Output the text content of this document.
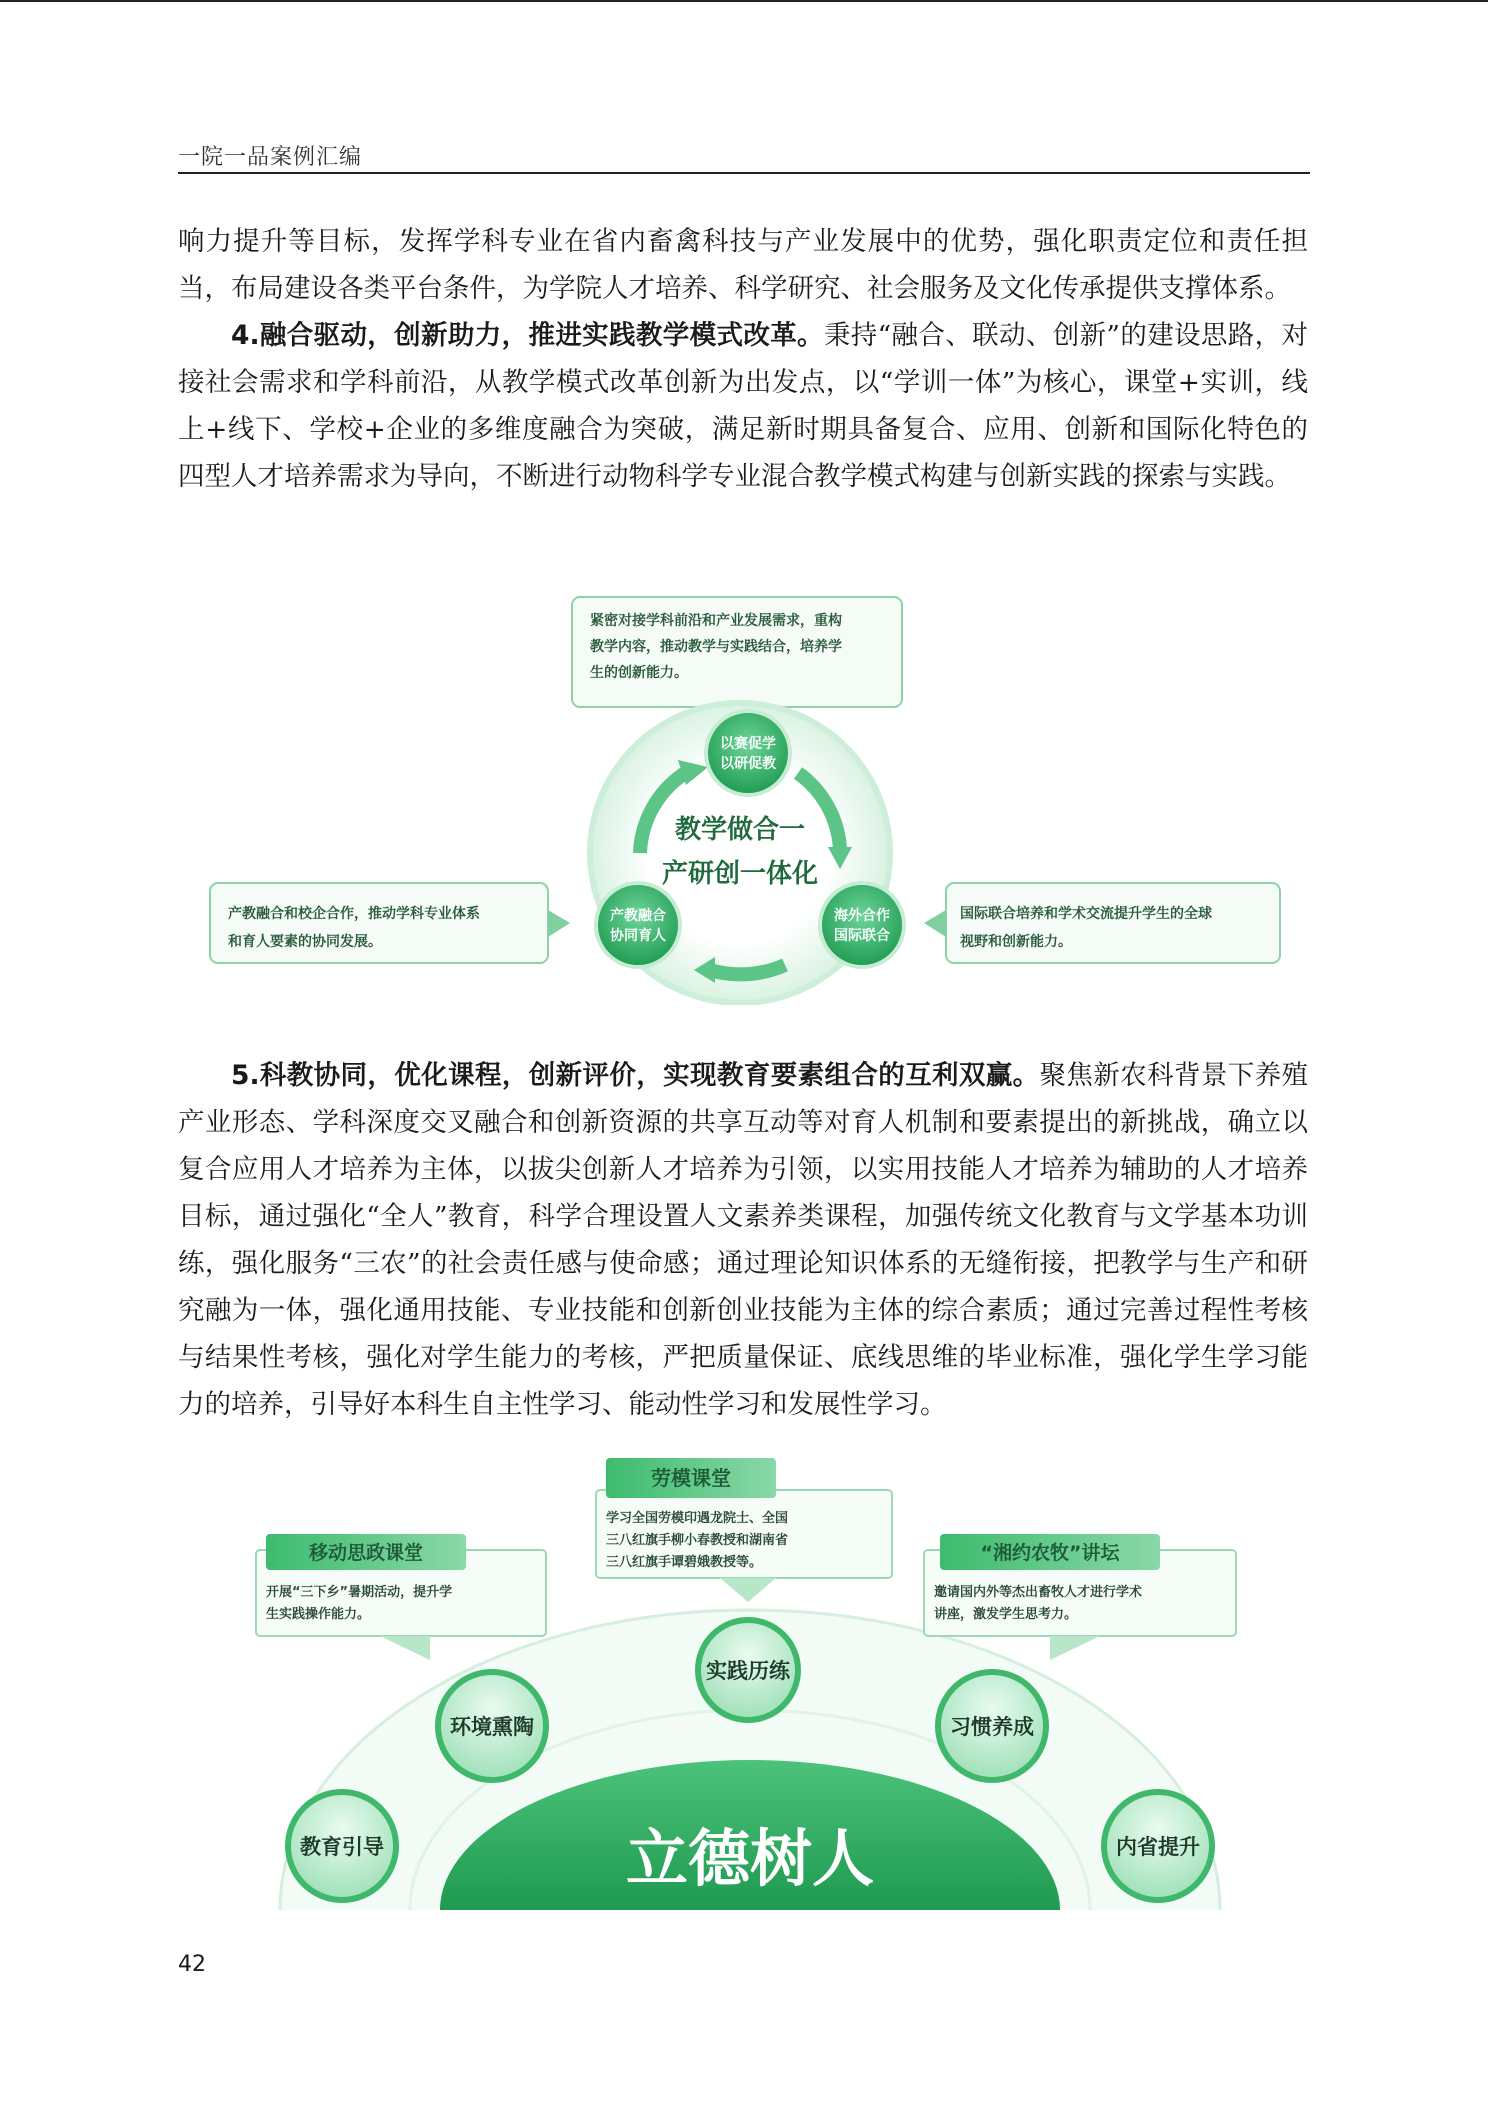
一院一品案例汇编

响力提升等目标，发挥学科专业在省内畜禽科技与产业发展中的优势，强化职责定位和责任担当，布局建设各类平台条件，为学院人才培养、科学研究、社会服务及文化传承提供支撑体系。

4.融合驱动，创新助力，推进实践教学模式改革。秉持“融合、联动、创新”的建设思路，对接社会需求和学科前沿，从教学模式改革创新为出发点，以“学训一体”为核心，课堂+实训，线上+线下、学校+企业的多维度融合为突破，满足新时期具备复合、应用、创新和国际化特色的四型人才培养需求为导向，不断进行动物科学专业混合教学模式构建与创新实践的探索与实践。

紧密对接学科前沿和产业发展需求，重构
教学内容，推动教学与实践结合，培养学
生的创新能力。
产教融合和校企合作，推动学科专业体系
和育人要素的协同发展。
国际联合培养和学术交流提升学生的全球
视野和创新能力。
教学做合一
产研创一体化
以赛促学
以研促教
产教融合
协同育人
海外合作
国际联合

5.科教协同，优化课程，创新评价，实现教育要素组合的互利双赢。聚焦新农科背景下养殖产业形态、学科深度交叉融合和创新资源的共享互动等对育人机制和要素提出的新挑战，确立以复合应用人才培养为主体，以拔尖创新人才培养为引领，以实用技能人才培养为辅助的人才培养目标，通过强化“全人”教育，科学合理设置人文素养类课程，加强传统文化教育与文学基本功训练，强化服务“三农”的社会责任感与使命感；通过理论知识体系的无缝衔接，把教学与生产和研究融为一体，强化通用技能、专业技能和创新创业技能为主体的综合素质；通过完善过程性考核与结果性考核，强化对学生能力的考核，严把质量保证、底线思维的毕业标准，强化学生学习能力的培养，引导好本科生自主性学习、能动性学习和发展性学习。

立德树人
劳模课堂
学习全国劳模印遇龙院士、全国
三八红旗手柳小春教授和湖南省
三八红旗手谭碧娥教授等。
移动思政课堂
开展“三下乡”暑期活动，提升学
生实践操作能力。
“湘约农牧”讲坛
邀请国内外等杰出畜牧人才进行学术
讲座，激发学生思考力。
实践历练
环境熏陶	习惯养成
教育引导	内省提升
42
